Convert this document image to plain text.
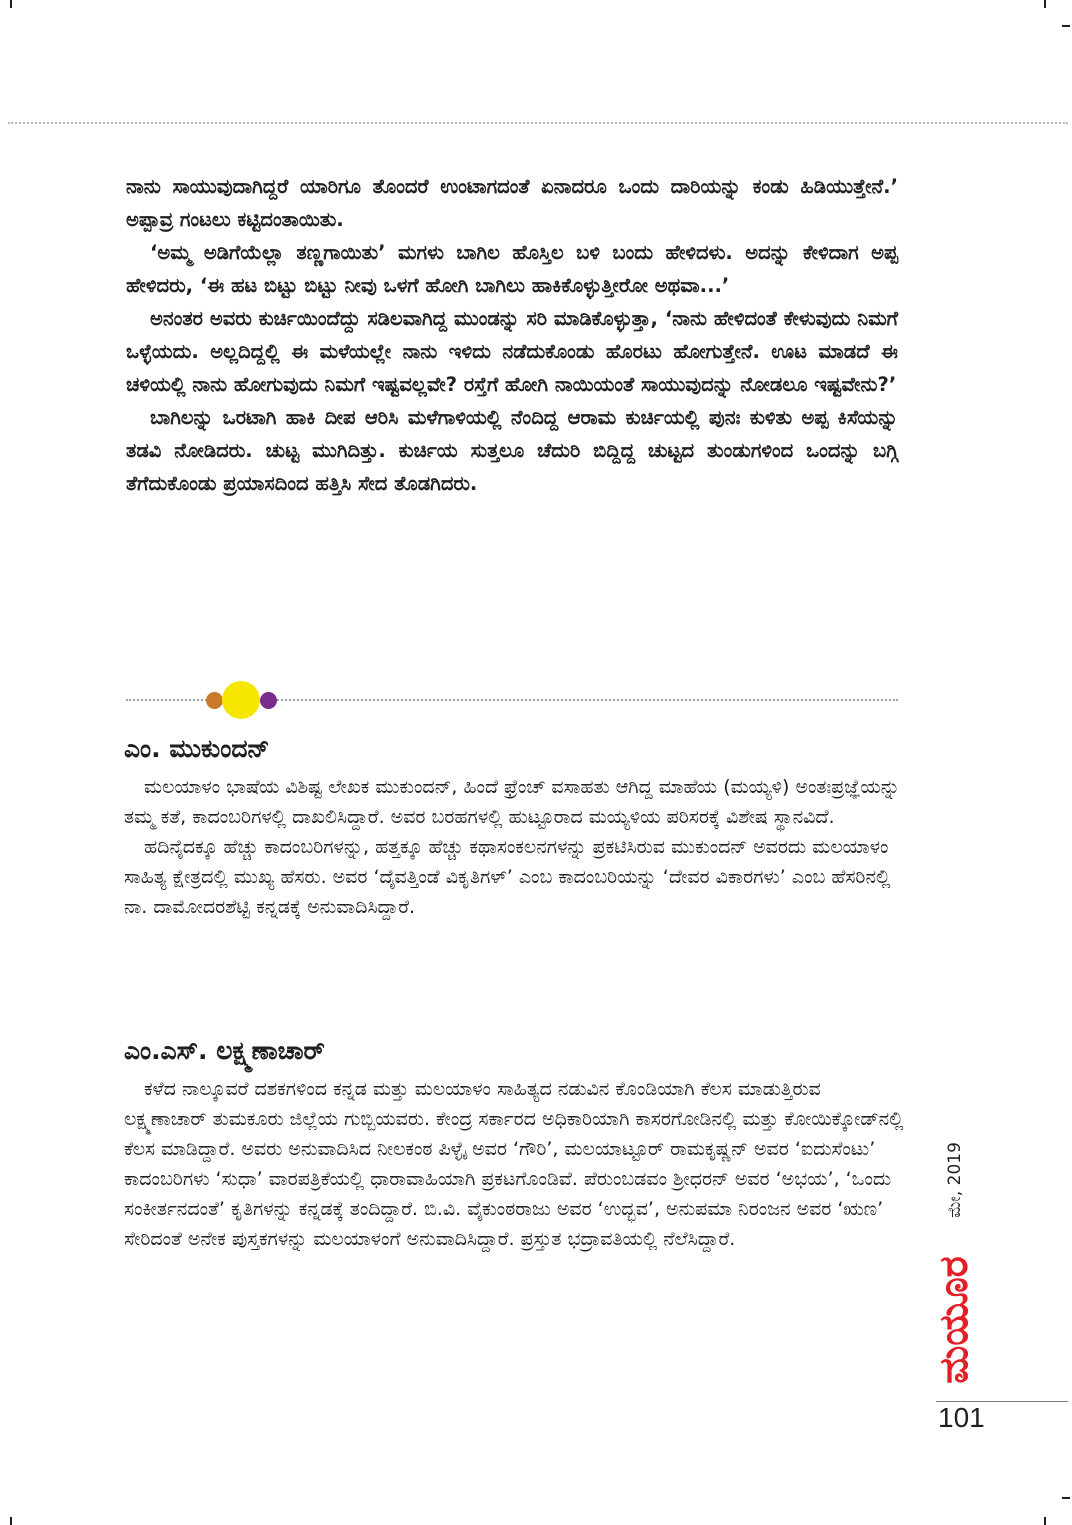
ನಾನು ಸಾಯುವುದಾಗಿದ್ದರೆ ಯಾರಿಗೂ ತೊಂದರೆ ಉಂಟಾಗದಂತೆ ಏನಾದರೂ ಒಂದು ದಾರಿಯನ್ನು ಕಂಡು ಹಿಡಿಯುತ್ತೇನೆ.’ ಅಪ್ಪಾವ್ರ ಗಂಟಲು ಕಟ್ಟಿದಂತಾಯಿತು.

‘ಅಮ್ಮ ಅಡಿಗೆಯೆಲ್ಲಾ ತಣ್ಣಗಾಯಿತು’ ಮಗಳು ಬಾಗಿಲ ಹೊಸ್ತಿಲ ಬಳಿ ಬಂದು ಹೇಳಿದಳು. ಅದನ್ನು ಕೇಳಿದಾಗ ಅಪ್ಪ ಹೇಳಿದರು, ‘ಈ ಹಟ ಬಿಟ್ಟು ಬಿಟ್ಟು ನೀವು ಒಳಗೆ ಹೋಗಿ ಬಾಗಿಲು ಹಾಕಿಕೊಳ್ಳುತ್ತೀರೋ ಅಥವಾ...’

ಅನಂತರ ಅವರು ಕುರ್ಚಿಯಿಂದೆದ್ದು ಸಡಿಲವಾಗಿದ್ದ ಮುಂಡನ್ನು ಸರಿ ಮಾಡಿಕೊಳ್ಳುತ್ತಾ, ‘ನಾನು ಹೇಳಿದಂತೆ ಕೇಳುವುದು ನಿಮಗೆ ಒಳ್ಳೆಯದು. ಅಲ್ಲದಿದ್ದಲ್ಲಿ ಈ ಮಳೆಯಲ್ಲೇ ನಾನು ಇಳಿದು ನಡೆದುಕೊಂಡು ಹೊರಟು ಹೋಗುತ್ತೇನೆ. ಊಟ ಮಾಡದೆ ಈ ಚಳಿಯಲ್ಲಿ ನಾನು ಹೋಗುವುದು ನಿಮಗೆ ಇಷ್ಟವಲ್ಲವೇ? ರಸ್ತೆಗೆ ಹೋಗಿ ನಾಯಿಯಂತೆ ಸಾಯುವುದನ್ನು ನೋಡಲೂ ಇಷ್ಟವೇನು?’

ಬಾಗಿಲನ್ನು ಒರಟಾಗಿ ಹಾಕಿ ದೀಪ ಆರಿಸಿ ಮಳೆಗಾಳಿಯಲ್ಲಿ ನೆಂದಿದ್ದ ಆರಾಮ ಕುರ್ಚಿಯಲ್ಲಿ ಪುನಃ ಕುಳಿತು ಅಪ್ಪ ಕಿಸೆಯನ್ನು ತಡವಿ ನೋಡಿದರು. ಚುಟ್ಟ ಮುಗಿದಿತ್ತು. ಕುರ್ಚಿಯ ಸುತ್ತಲೂ ಚೆದುರಿ ಬಿದ್ದಿದ್ದ ಚುಟ್ಟದ ತುಂಡುಗಳಿಂದ ಒಂದನ್ನು ಬಗ್ಗಿ ತೆಗೆದುಕೊಂಡು ಪ್ರಯಾಸದಿಂದ ಹತ್ತಿಸಿ ಸೇದ ತೊಡಗಿದರು.

ಎಂ. ಮುಕುಂದನ್

ಮಲಯಾಳಂ ಭಾಷೆಯ ವಿಶಿಷ್ಟ ಲೇಖಕ ಮುಕುಂದನ್, ಹಿಂದೆ ಫ್ರೆಂಚ್ ವಸಾಹತು ಆಗಿದ್ದ ಮಾಹೆಯ (ಮಯ್ಯಳಿ) ಅಂತಃಪ್ರಜ್ಞೆಯನ್ನು ತಮ್ಮ ಕತೆ, ಕಾದಂಬರಿಗಳಲ್ಲಿ ದಾಖಲಿಸಿದ್ದಾರೆ. ಅವರ ಬರಹಗಳಲ್ಲಿ ಹುಟ್ಟೂರಾದ ಮಯ್ಯಳಿಯ ಪರಿಸರಕ್ಕೆ ವಿಶೇಷ ಸ್ಥಾನವಿದೆ.

ಹದಿನೈದಕ್ಕೂ ಹೆಚ್ಚು ಕಾದಂಬರಿಗಳನ್ನು, ಹತ್ತಕ್ಕೂ ಹೆಚ್ಚು ಕಥಾಸಂಕಲನಗಳನ್ನು ಪ್ರಕಟಿಸಿರುವ ಮುಕುಂದನ್ ಅವರದು ಮಲಯಾಳಂ ಸಾಹಿತ್ಯ ಕ್ಷೇತ್ರದಲ್ಲಿ ಮುಖ್ಯ ಹೆಸರು. ಅವರ ‘ದೈವತ್ತಿಂಡೆ ವಿಕೃತಿಗಳ್’ ಎಂಬ ಕಾದಂಬರಿಯನ್ನು ‘ದೇವರ ವಿಕಾರಗಳು’ ಎಂಬ ಹೆಸರಿನಲ್ಲಿ ನಾ. ದಾಮೋದರಶೆಟ್ಟಿ ಕನ್ನಡಕ್ಕೆ ಅನುವಾದಿಸಿದ್ದಾರೆ.

ಎಂ.ಎಸ್. ಲಕ್ಷ್ಮಣಾಚಾರ್

ಕಳೆದ ನಾಲ್ಕೂವರೆ ದಶಕಗಳಿಂದ ಕನ್ನಡ ಮತ್ತು ಮಲಯಾಳಂ ಸಾಹಿತ್ಯದ ನಡುವಿನ ಕೊಂಡಿಯಾಗಿ ಕೆಲಸ ಮಾಡುತ್ತಿರುವ ಲಕ್ಷ್ಮಣಾಚಾರ್ ತುಮಕೂರು ಜಿಲ್ಲೆಯ ಗುಬ್ಬಿಯವರು. ಕೇಂದ್ರ ಸರ್ಕಾರದ ಅಧಿಕಾರಿಯಾಗಿ ಕಾಸರಗೋಡಿನಲ್ಲಿ ಮತ್ತು ಕೋಯಿಕ್ಕೋಡ್‌ನಲ್ಲಿ ಕೆಲಸ ಮಾಡಿದ್ದಾರೆ. ಅವರು ಅನುವಾದಿಸಿದ ನೀಲಕಂಠ ಪಿಳ್ಳೈ ಅವರ ‘ಗೌರಿ’, ಮಲಯಾಟ್ಟೂರ್ ರಾಮಕೃಷ್ಣನ್ ಅವರ ‘ಐದುಸೆಂಟು’ ಕಾದಂಬರಿಗಳು ‘ಸುಧಾ’ ವಾರಪತ್ರಿಕೆಯಲ್ಲಿ ಧಾರಾವಾಹಿಯಾಗಿ ಪ್ರಕಟಗೊಂಡಿವೆ. ಪೆರುಂಬಡವಂ ಶ್ರೀಧರನ್ ಅವರ ‘ಅಭಯ’, ‘ಒಂದು ಸಂಕೀರ್ತನದಂತೆ’ ಕೃತಿಗಳನ್ನು ಕನ್ನಡಕ್ಕೆ ತಂದಿದ್ದಾರೆ. ಬಿ.ವಿ. ವೈಕುಂಠರಾಜು ಅವರ ‘ಉದ್ಭವ’, ಅನುಪಮಾ ನಿರಂಜನ ಅವರ ‘ಋಣ’ ಸೇರಿದಂತೆ ಅನೇಕ ಪುಸ್ತಕಗಳನ್ನು ಮಲಯಾಳಂಗೆ ಅನುವಾದಿಸಿದ್ದಾರೆ. ಪ್ರಸ್ತುತ ಭದ್ರಾವತಿಯಲ್ಲಿ ನೆಲೆಸಿದ್ದಾರೆ.

ಮೇ, 2019
ಮಯೂರ
101
